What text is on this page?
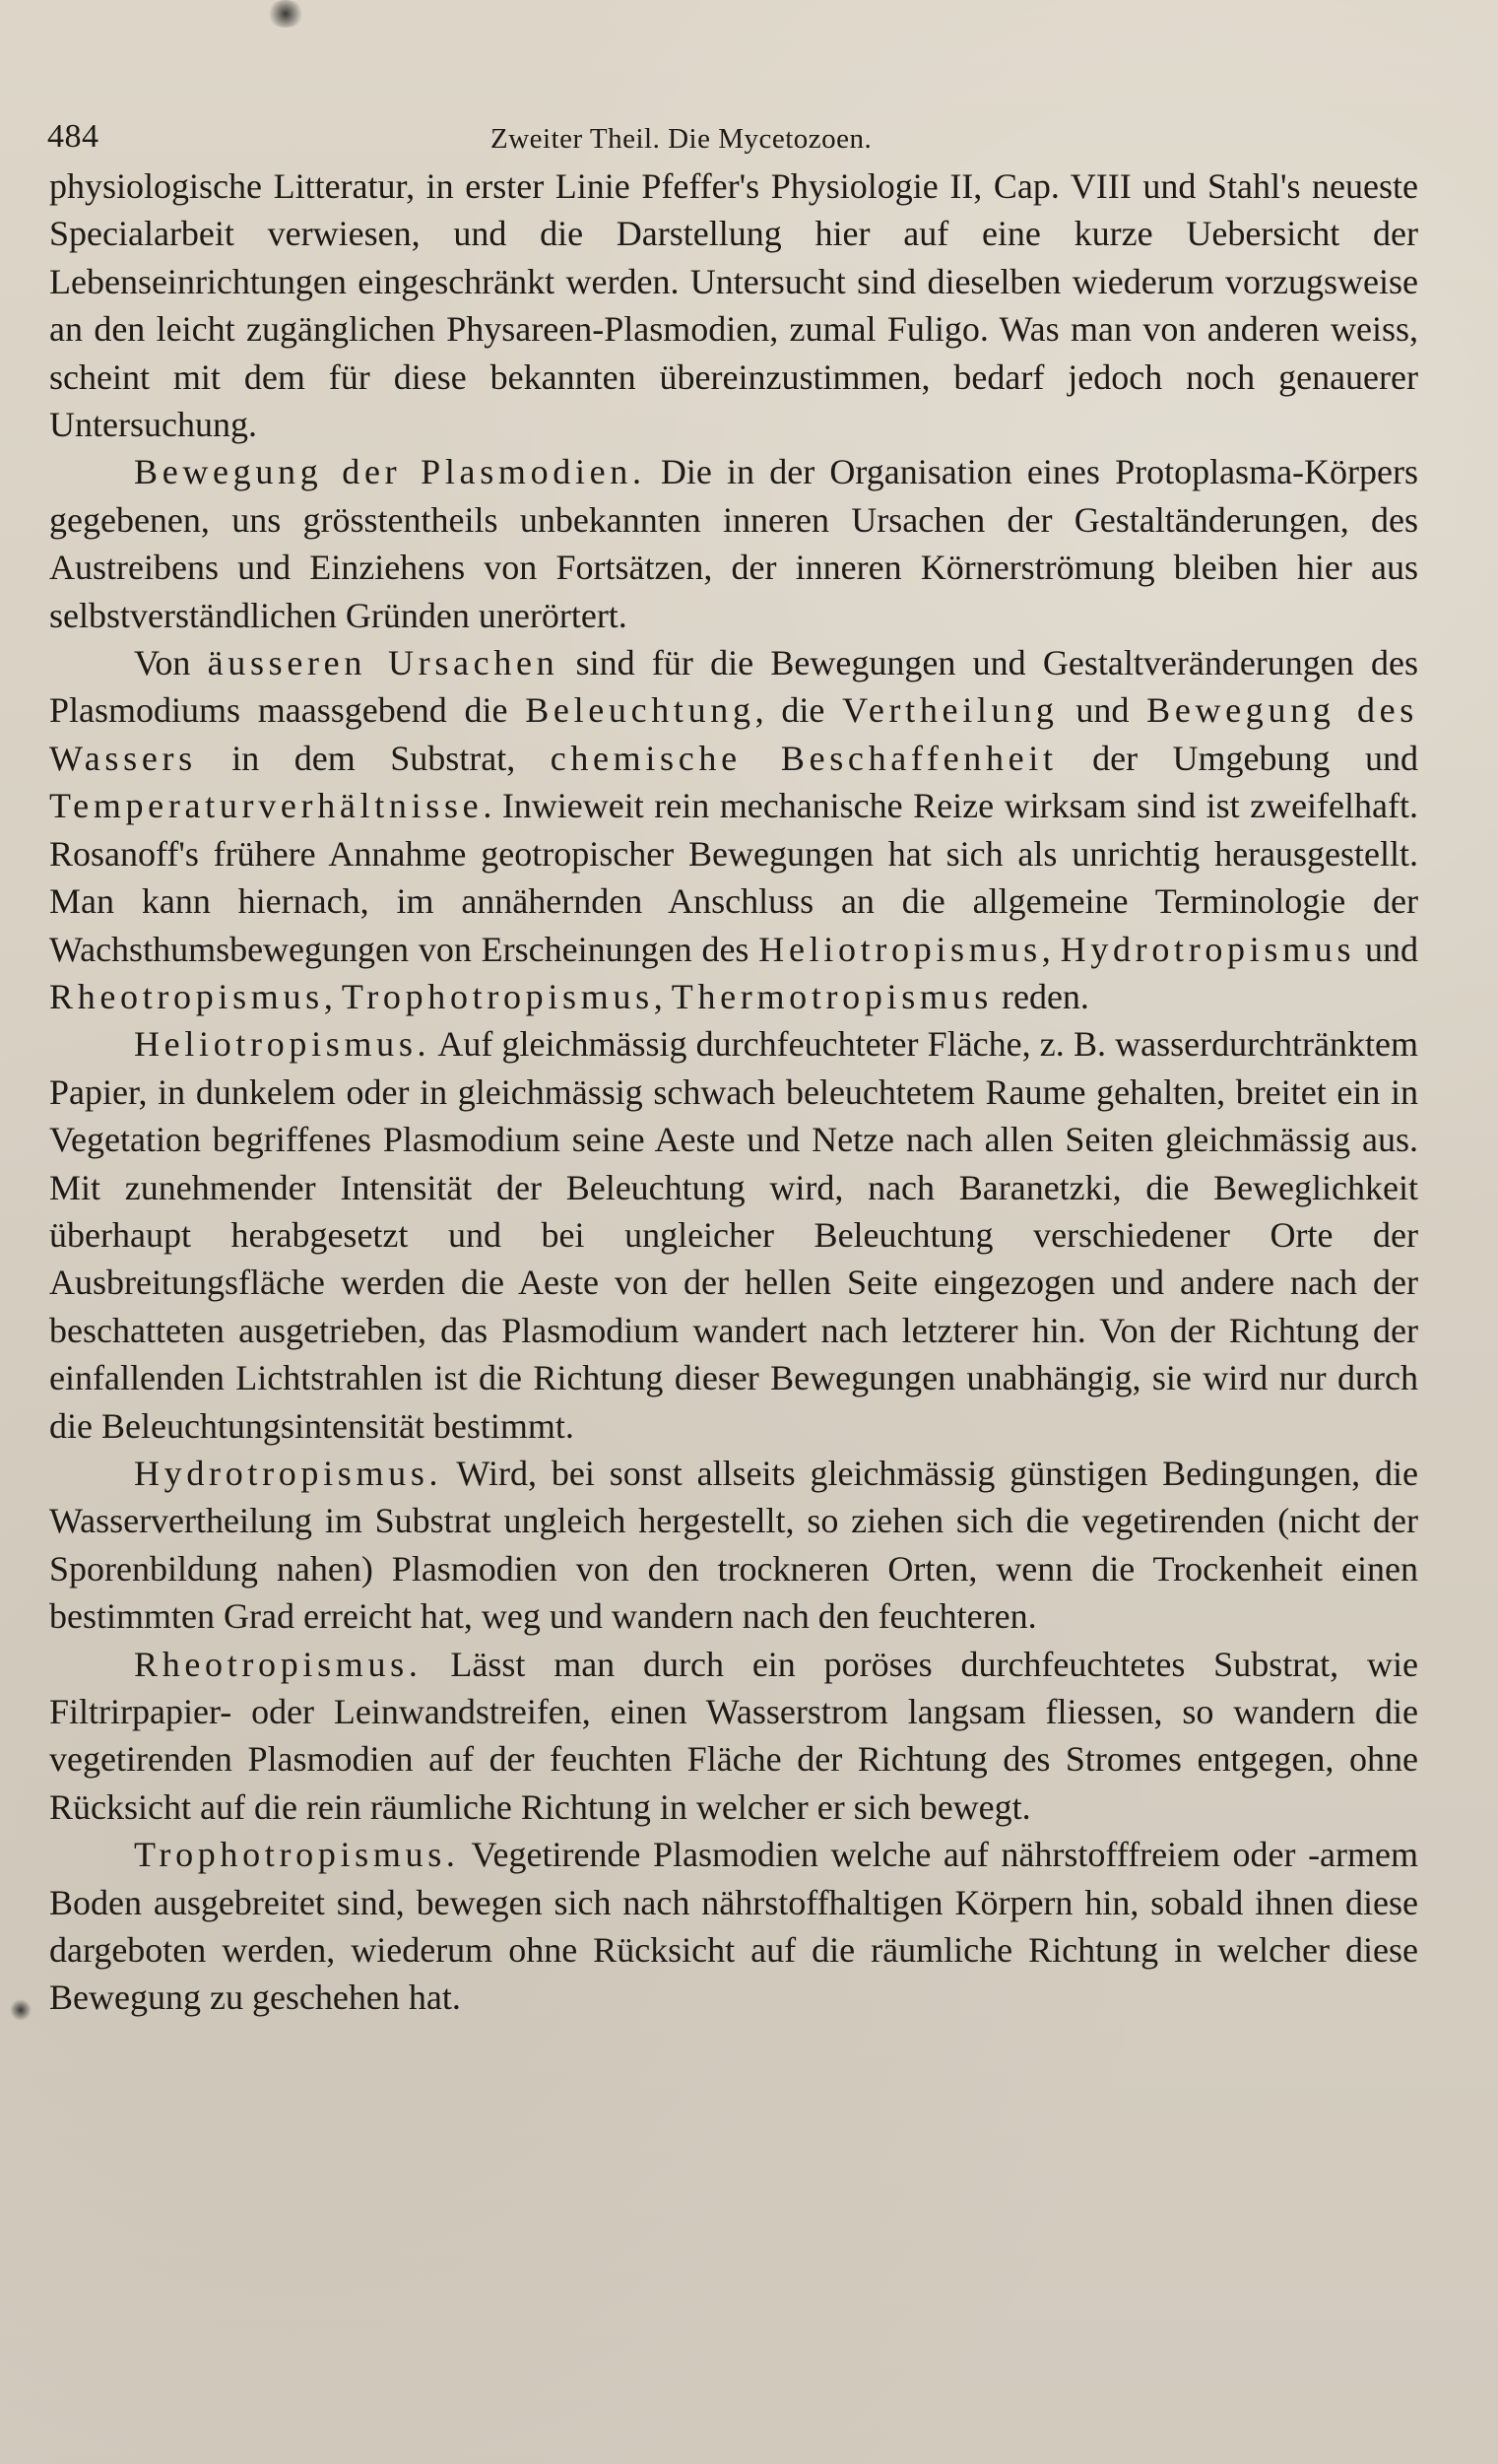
484	Zweiter Theil. Die Mycetozoen.

physiologische Litteratur, in erster Linie Pfeffer's Physiologie II, Cap. VIII und Stahl's neueste Specialarbeit verwiesen, und die Darstellung hier auf eine kurze Uebersicht der Lebenseinrichtungen eingeschränkt werden. Untersucht sind dieselben wiederum vorzugsweise an den leicht zugänglichen Physareen-Plasmodien, zumal Fuligo. Was man von anderen weiss, scheint mit dem für diese bekannten übereinzustimmen, bedarf jedoch noch genauerer Untersuchung.

Bewegung der Plasmodien. Die in der Organisation eines Protoplasma-Körpers gegebenen, uns grösstentheils unbekannten inneren Ursachen der Gestaltänderungen, des Austreibens und Einziehens von Fortsätzen, der inneren Körnerströmung bleiben hier aus selbstverständlichen Gründen unerörtert.

Von äusseren Ursachen sind für die Bewegungen und Gestaltveränderungen des Plasmodiums maassgebend die Beleuchtung, die Vertheilung und Bewegung des Wassers in dem Substrat, chemische Beschaffenheit der Umgebung und Temperaturverhältnisse. Inwieweit rein mechanische Reize wirksam sind ist zweifelhaft. Rosanoff's frühere Annahme geotropischer Bewegungen hat sich als unrichtig herausgestellt. Man kann hiernach, im annähernden Anschluss an die allgemeine Terminologie der Wachsthumsbewegungen von Erscheinungen des Heliotropismus, Hydrotropismus und Rheotropismus, Trophotropismus, Thermotropismus reden.

Heliotropismus. Auf gleichmässig durchfeuchteter Fläche, z. B. wasserdurchtränktem Papier, in dunkelem oder in gleichmässig schwach beleuchtetem Raume gehalten, breitet ein in Vegetation begriffenes Plasmodium seine Aeste und Netze nach allen Seiten gleichmässig aus. Mit zunehmender Intensität der Beleuchtung wird, nach Baranetzki, die Beweglichkeit überhaupt herabgesetzt und bei ungleicher Beleuchtung verschiedener Orte der Ausbreitungsfläche werden die Aeste von der hellen Seite eingezogen und andere nach der beschatteten ausgetrieben, das Plasmodium wandert nach letzterer hin. Von der Richtung der einfallenden Lichtstrahlen ist die Richtung dieser Bewegungen unabhängig, sie wird nur durch die Beleuchtungsintensität bestimmt.

Hydrotropismus. Wird, bei sonst allseits gleichmässig günstigen Bedingungen, die Wasservertheilung im Substrat ungleich hergestellt, so ziehen sich die vegetirenden (nicht der Sporenbildung nahen) Plasmodien von den trockneren Orten, wenn die Trockenheit einen bestimmten Grad erreicht hat, weg und wandern nach den feuchteren.

Rheotropismus. Lässt man durch ein poröses durchfeuchtetes Substrat, wie Filtrirpapier- oder Leinwandstreifen, einen Wasserstrom langsam fliessen, so wandern die vegetirenden Plasmodien auf der feuchten Fläche der Richtung des Stromes entgegen, ohne Rücksicht auf die rein räumliche Richtung in welcher er sich bewegt.

Trophotropismus. Vegetirende Plasmodien welche auf nährstofffreiem oder -armem Boden ausgebreitet sind, bewegen sich nach nährstoffhaltigen Körpern hin, sobald ihnen diese dargeboten werden, wiederum ohne Rücksicht auf die räumliche Richtung in welcher diese Bewegung zu geschehen hat.
